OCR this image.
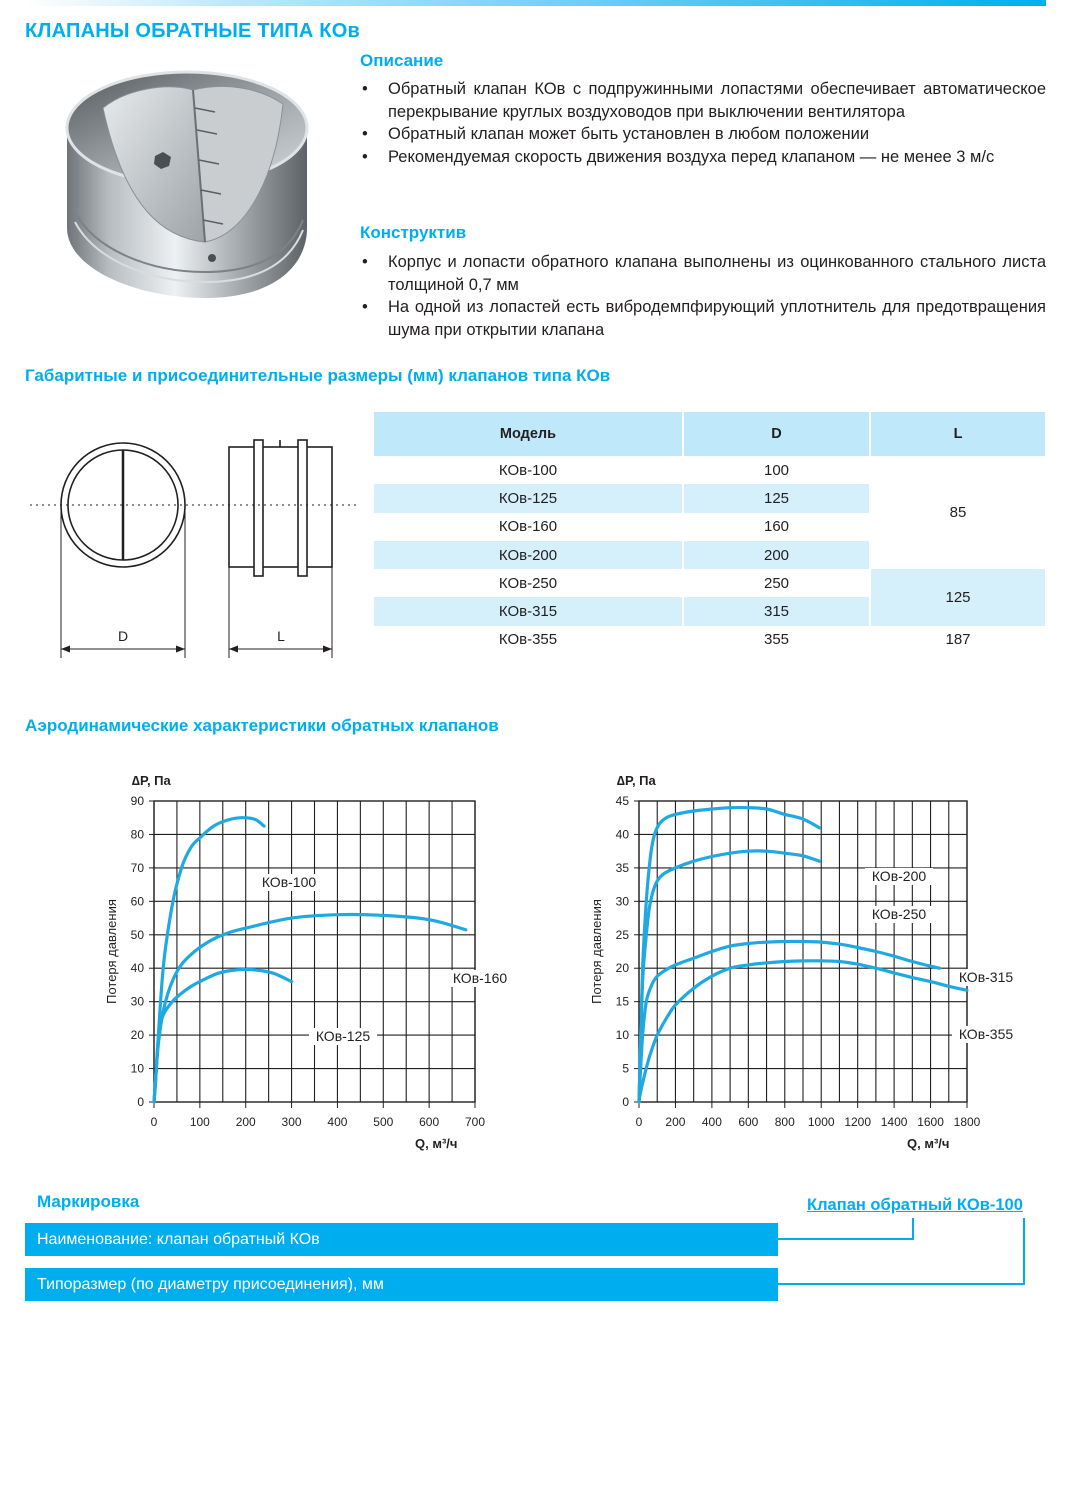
КЛАПАНЫ ОБРАТНЫЕ ТИПА КОв
Описание
• Обратный клапан КОв с подпружинными лопастями обеспечивает автоматическое перекрывание круглых воздуховодов при выключении вентилятора
• Обратный клапан может быть установлен в любом положении
• Рекомендуемая скорость движения воздуха перед клапаном — не менее 3 м/с
Конструктив
• Корпус и лопасти обратного клапана выполнены из оцинкованного стального листа толщиной 0,7 мм
• На одной из лопастей есть вибродемпфирующий уплотнитель для предотвращения шума при открытии клапана
Габаритные и присоединительные размеры (мм) клапанов типа КОв
D	L
Модель	D	L
КОв-100	100	85
КОв-125	125	
КОв-160	160	
КОв-200	200	
КОв-250	250	125
КОв-315	315	
КОв-355	355	187
Аэродинамические характеристики обратных клапанов
0	100 200 300 400 500 600 700
0
10
20
30
40
50
60
70
80
90
∆P, Па
Q, м³/ч
Потеря давления
КОв-100
КОв-160
КОв-125
0 200 400 600 800 1000 1200 1400 1600 1800
0
5
10
15
20
25
30
35
40
45
∆P, Па
Q, м³/ч
Потеря давления
КОв-200
КОв-250
КОв-315
КОв-355
Маркировка	Клапан обратный КОв-100
Наименование: клапан обратный КОв
Типоразмер (по диаметру присоединения), мм
